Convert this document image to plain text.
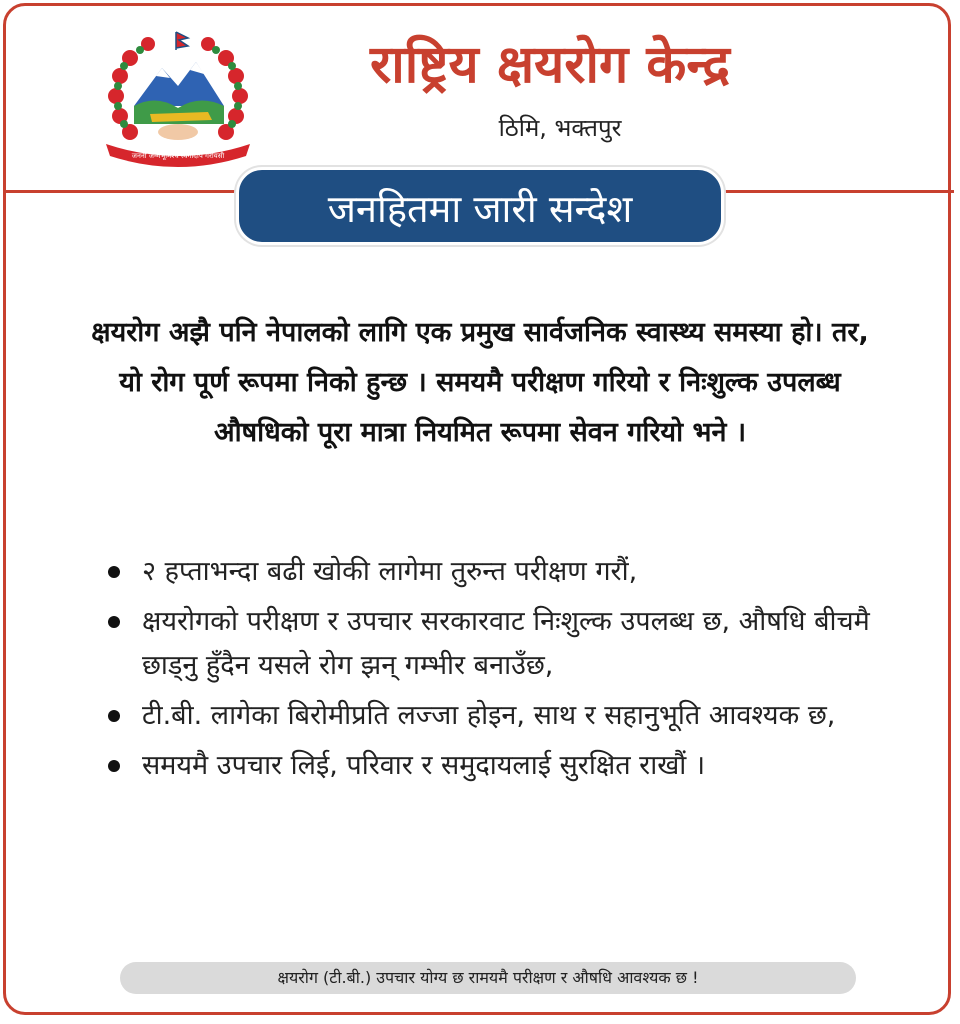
जननी जन्मभूमिश्च स्वर्गादपि गरीयसी
राष्ट्रिय क्षयरोग केन्द्र
ठिमि, भक्तपुर
जनहितमा जारी सन्देश

क्षयरोग अझै पनि नेपालको लागि एक प्रमुख सार्वजनिक स्वास्थ्य समस्या हो। तर, यो रोग पूर्ण रूपमा निको हुन्छ । समयमै परीक्षण गरियो र निःशुल्क उपलब्ध औषधिको पूरा मात्रा नियमित रूपमा सेवन गरियो भने ।

२ हप्ताभन्दा बढी खोकी लागेमा तुरुन्त परीक्षण गरौं,
क्षयरोगको परीक्षण र उपचार सरकारवाट निःशुल्क उपलब्ध छ, औषधि बीचमै छाड्नु हुँदैन यसले रोग झन् गम्भीर बनाउँछ,
टी.बी. लागेका बिरोमीप्रति लज्जा होइन, साथ र सहानुभूति आवश्यक छ,
समयमै उपचार लिई, परिवार र समुदायलाई सुरक्षित राखौं ।
क्षयरोग (टी.बी.) उपचार योग्य छ रामयमै परीक्षण र औषधि आवश्यक छ !
